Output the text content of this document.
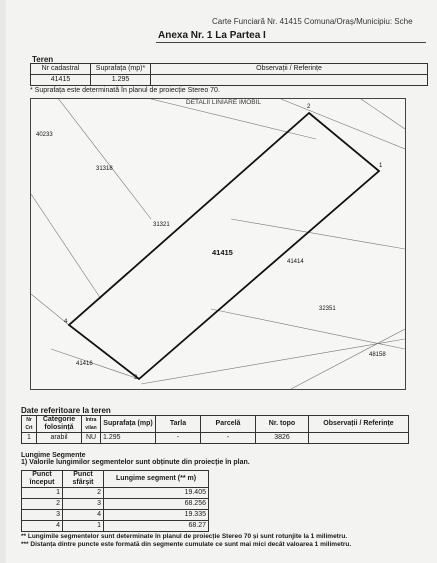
Carte Funciară Nr. 41415 Comuna/Oraș/Municipiu: Sche
Anexa Nr. 1 La Partea I
Teren
Nr cadastral	Suprafața (mp)*	Observații / Referințe
41415	1.295	
* Suprafața este determinată în planul de proiecție Stereo 70.
40233
31318
31321
41415
41414
32351
48158
41416
1
2
3
4
DETALII LINIARE IMOBIL
Date referitoare la teren
Nr Crt	Categorie folosință	Intra vilan	Suprafața (mp)	Tarla	Parcelă	Nr. topo	Observații / Referințe
1	arabil	NU	1.295	-	-	3826	
Lungime Segmente
1) Valorile lungimilor segmentelor sunt obținute din proiecție în plan.
Punct început	Punct sfârșit	Lungime segment (** m)
1	2	19.405
2	3	68.256
3	4	19.335
4	1	68.27
** Lungimile segmentelor sunt determinate în planul de proiecție Stereo 70 și sunt rotunjite la 1 milimetru.
*** Distanța dintre puncte este formată din segmente cumulate ce sunt mai mici decât valoarea 1 milimetru.
